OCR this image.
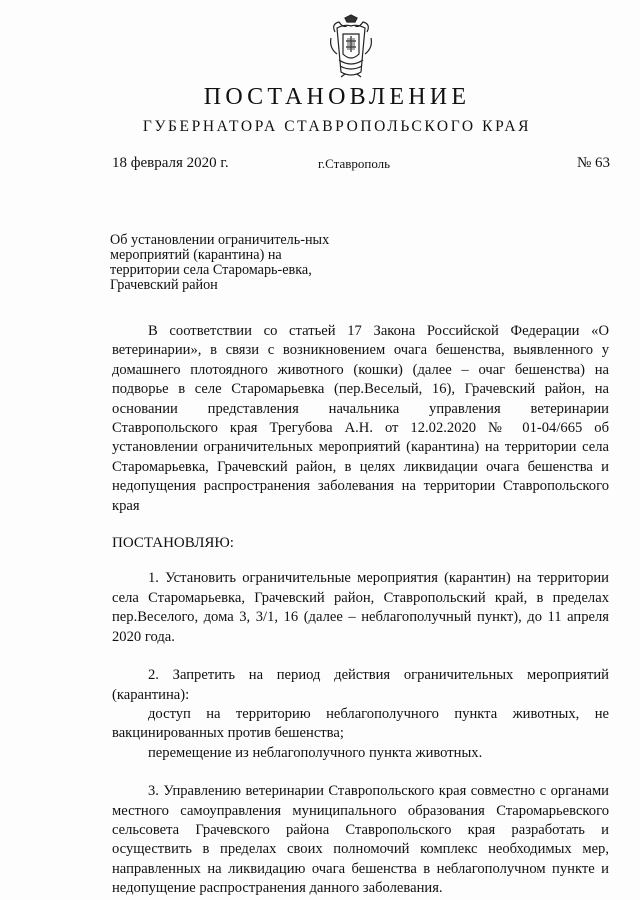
ПОСТАНОВЛЕНИЕ
ГУБЕРНАТОРА СТАВРОПОЛЬСКОГО КРАЯ
18 февраля 2020 г.	г.Ставрополь	№ 63
Об установлении ограничитель-ных мероприятий (карантина) на территории села Старомарь-евка, Грачевский район

В соответствии со статьей 17 Закона Российской Федерации «О ветеринарии», в связи с возникновением очага бешенства, выявленного у домашнего плотоядного животного (кошки) (далее – очаг бешенства) на подворье в селе Старомарьевка (пер.Веселый, 16), Грачевский район, на основании представления начальника управления ветеринарии Ставропольского края Трегубова А.Н. от 12.02.2020 № 01-04/665 об установлении ограничительных мероприятий (карантина) на территории села Старомарьевка, Грачевский район, в целях ликвидации очага бешенства и недопущения распространения заболевания на территории Ставропольского края

ПОСТАНОВЛЯЮ:

1. Установить ограничительные мероприятия (карантин) на территории села Старомарьевка, Грачевский район, Ставропольский край, в пределах пер.Веселого, дома 3, 3/1, 16 (далее – неблагополучный пункт), до 11 апреля 2020 года.

2. Запретить на период действия ограничительных мероприятий (карантина):

доступ на территорию неблагополучного пункта животных, не вакцинированных против бешенства;

перемещение из неблагополучного пункта животных.

3. Управлению ветеринарии Ставропольского края совместно с органами местного самоуправления муниципального образования Старомарьевского сельсовета Грачевского района Ставропольского края разработать и осуществить в пределах своих полномочий комплекс необходимых мер, направленных на ликвидацию очага бешенства в неблагополучном пункте и недопущение распространения данного заболевания.
